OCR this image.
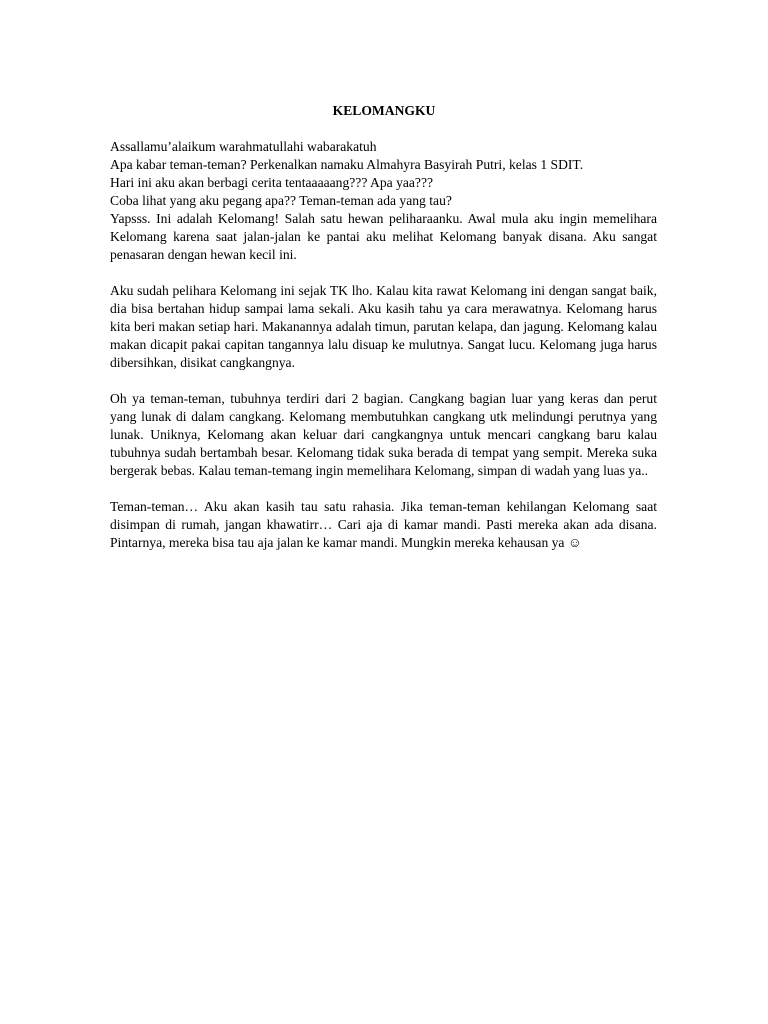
KELOMANGKU
Assallamu’alaikum warahmatullahi wabarakatuh
Apa kabar teman-teman? Perkenalkan namaku Almahyra Basyirah Putri, kelas 1 SDIT.
Hari ini aku akan berbagi cerita tentaaaaang??? Apa yaa???
Coba lihat yang aku pegang apa?? Teman-teman ada yang tau?

Yapsss. Ini adalah Kelomang! Salah satu hewan peliharaanku. Awal mula aku ingin memelihara Kelomang karena saat jalan-jalan ke pantai aku melihat Kelomang banyak disana. Aku sangat penasaran dengan hewan kecil ini.

Aku sudah pelihara Kelomang ini sejak TK lho. Kalau kita rawat Kelomang ini dengan sangat baik, dia bisa bertahan hidup sampai lama sekali. Aku kasih tahu ya cara merawatnya. Kelomang harus kita beri makan setiap hari. Makanannya adalah timun, parutan kelapa, dan jagung. Kelomang kalau makan dicapit pakai capitan tangannya lalu disuap ke mulutnya. Sangat lucu. Kelomang juga harus dibersihkan, disikat cangkangnya.

Oh ya teman-teman, tubuhnya terdiri dari 2 bagian. Cangkang bagian luar yang keras dan perut yang lunak di dalam cangkang. Kelomang membutuhkan cangkang utk melindungi perutnya yang lunak. Uniknya, Kelomang akan keluar dari cangkangnya untuk mencari cangkang baru kalau tubuhnya sudah bertambah besar. Kelomang tidak suka berada di tempat yang sempit. Mereka suka bergerak bebas. Kalau teman-temang ingin memelihara Kelomang, simpan di wadah yang luas ya..

Teman-teman… Aku akan kasih tau satu rahasia. Jika teman-teman kehilangan Kelomang saat disimpan di rumah, jangan khawatirr… Cari aja di kamar mandi. Pasti mereka akan ada disana. Pintarnya, mereka bisa tau aja jalan ke kamar mandi. Mungkin mereka kehausan ya ☺
